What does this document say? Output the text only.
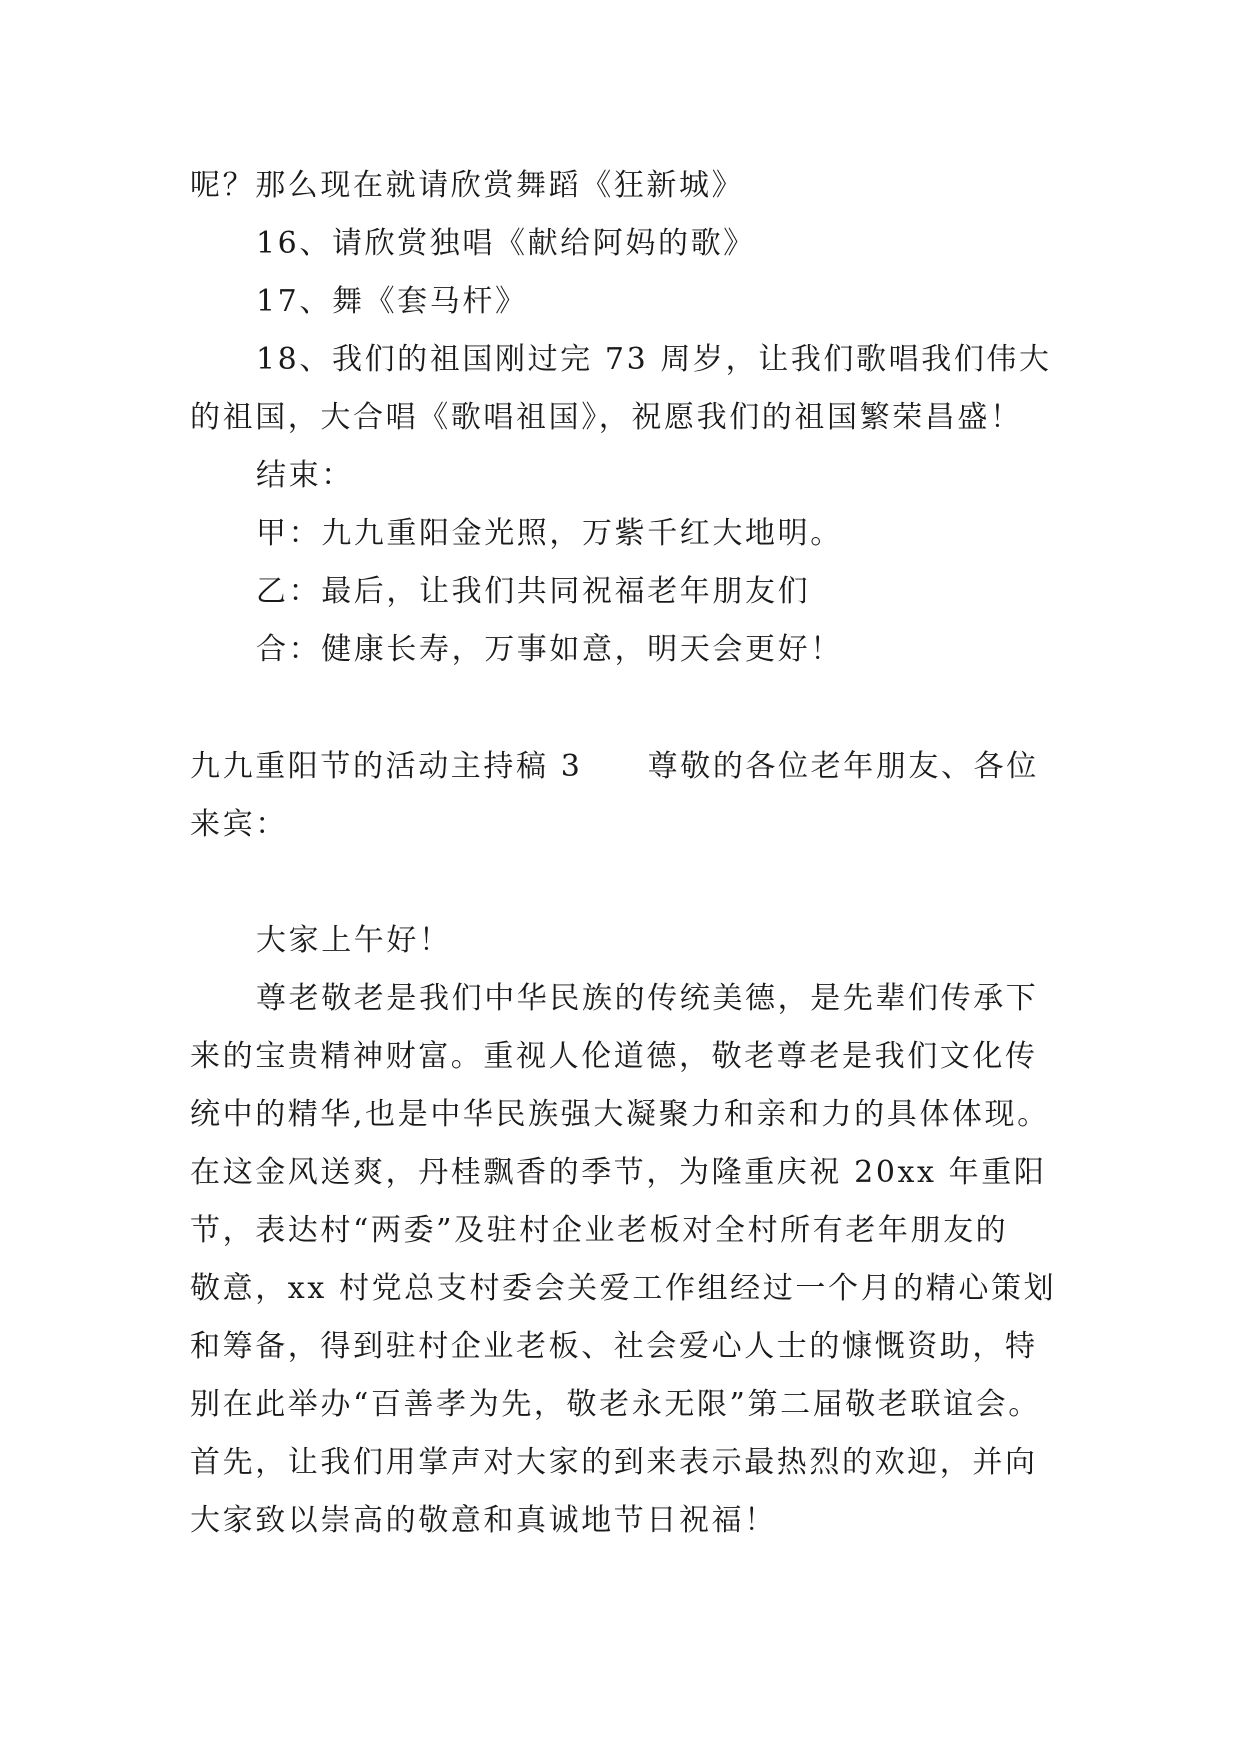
呢？那么现在就请欣赏舞蹈《狂新城》
16、请欣赏独唱《献给阿妈的歌》
17、舞《套马杆》
18、我们的祖国刚过完 73 周岁，让我们歌唱我们伟大
的祖国，大合唱《歌唱祖国》，祝愿我们的祖国繁荣昌盛！
结束：
甲：九九重阳金光照，万紫千红大地明。
乙：最后，让我们共同祝福老年朋友们
合：健康长寿，万事如意，明天会更好！
九九重阳节的活动主持稿 3　　尊敬的各位老年朋友、各位
来宾：
大家上午好！
尊老敬老是我们中华民族的传统美德，是先辈们传承下
来的宝贵精神财富。重视人伦道德，敬老尊老是我们文化传
统中的精华,也是中华民族强大凝聚力和亲和力的具体体现。
在这金风送爽，丹桂飘香的季节，为隆重庆祝 20xx 年重阳
节，表达村“两委”及驻村企业老板对全村所有老年朋友的
敬意，xx 村党总支村委会关爱工作组经过一个月的精心策划
和筹备，得到驻村企业老板、社会爱心人士的慷慨资助，特
别在此举办“百善孝为先，敬老永无限”第二届敬老联谊会。
首先，让我们用掌声对大家的到来表示最热烈的欢迎，并向
大家致以崇高的敬意和真诚地节日祝福！
